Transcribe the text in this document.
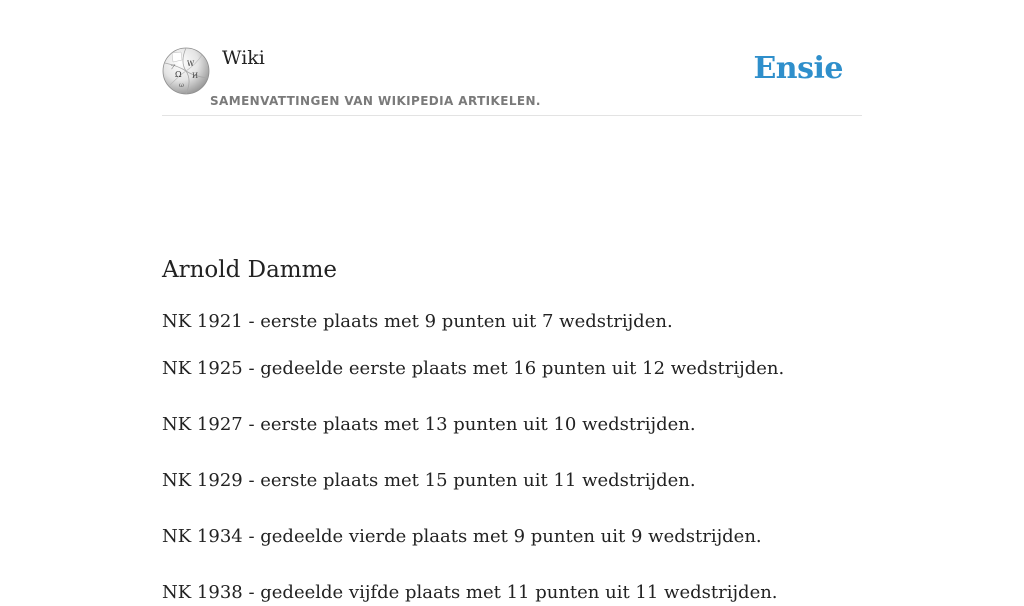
Ω
W
И
ω
ア Wiki
SAMENVATTINGEN VAN WIKIPEDIA ARTIKELEN.
Ensie
Arnold Damme

NK 1921 - eerste plaats met 9 punten uit 7 wedstrijden.

NK 1925 - gedeelde eerste plaats met 16 punten uit 12 wedstrijden.

NK 1927 - eerste plaats met 13 punten uit 10 wedstrijden.

NK 1929 - eerste plaats met 15 punten uit 11 wedstrijden.

NK 1934 - gedeelde vierde plaats met 9 punten uit 9 wedstrijden.

NK 1938 - gedeelde vijfde plaats met 11 punten uit 11 wedstrijden.
